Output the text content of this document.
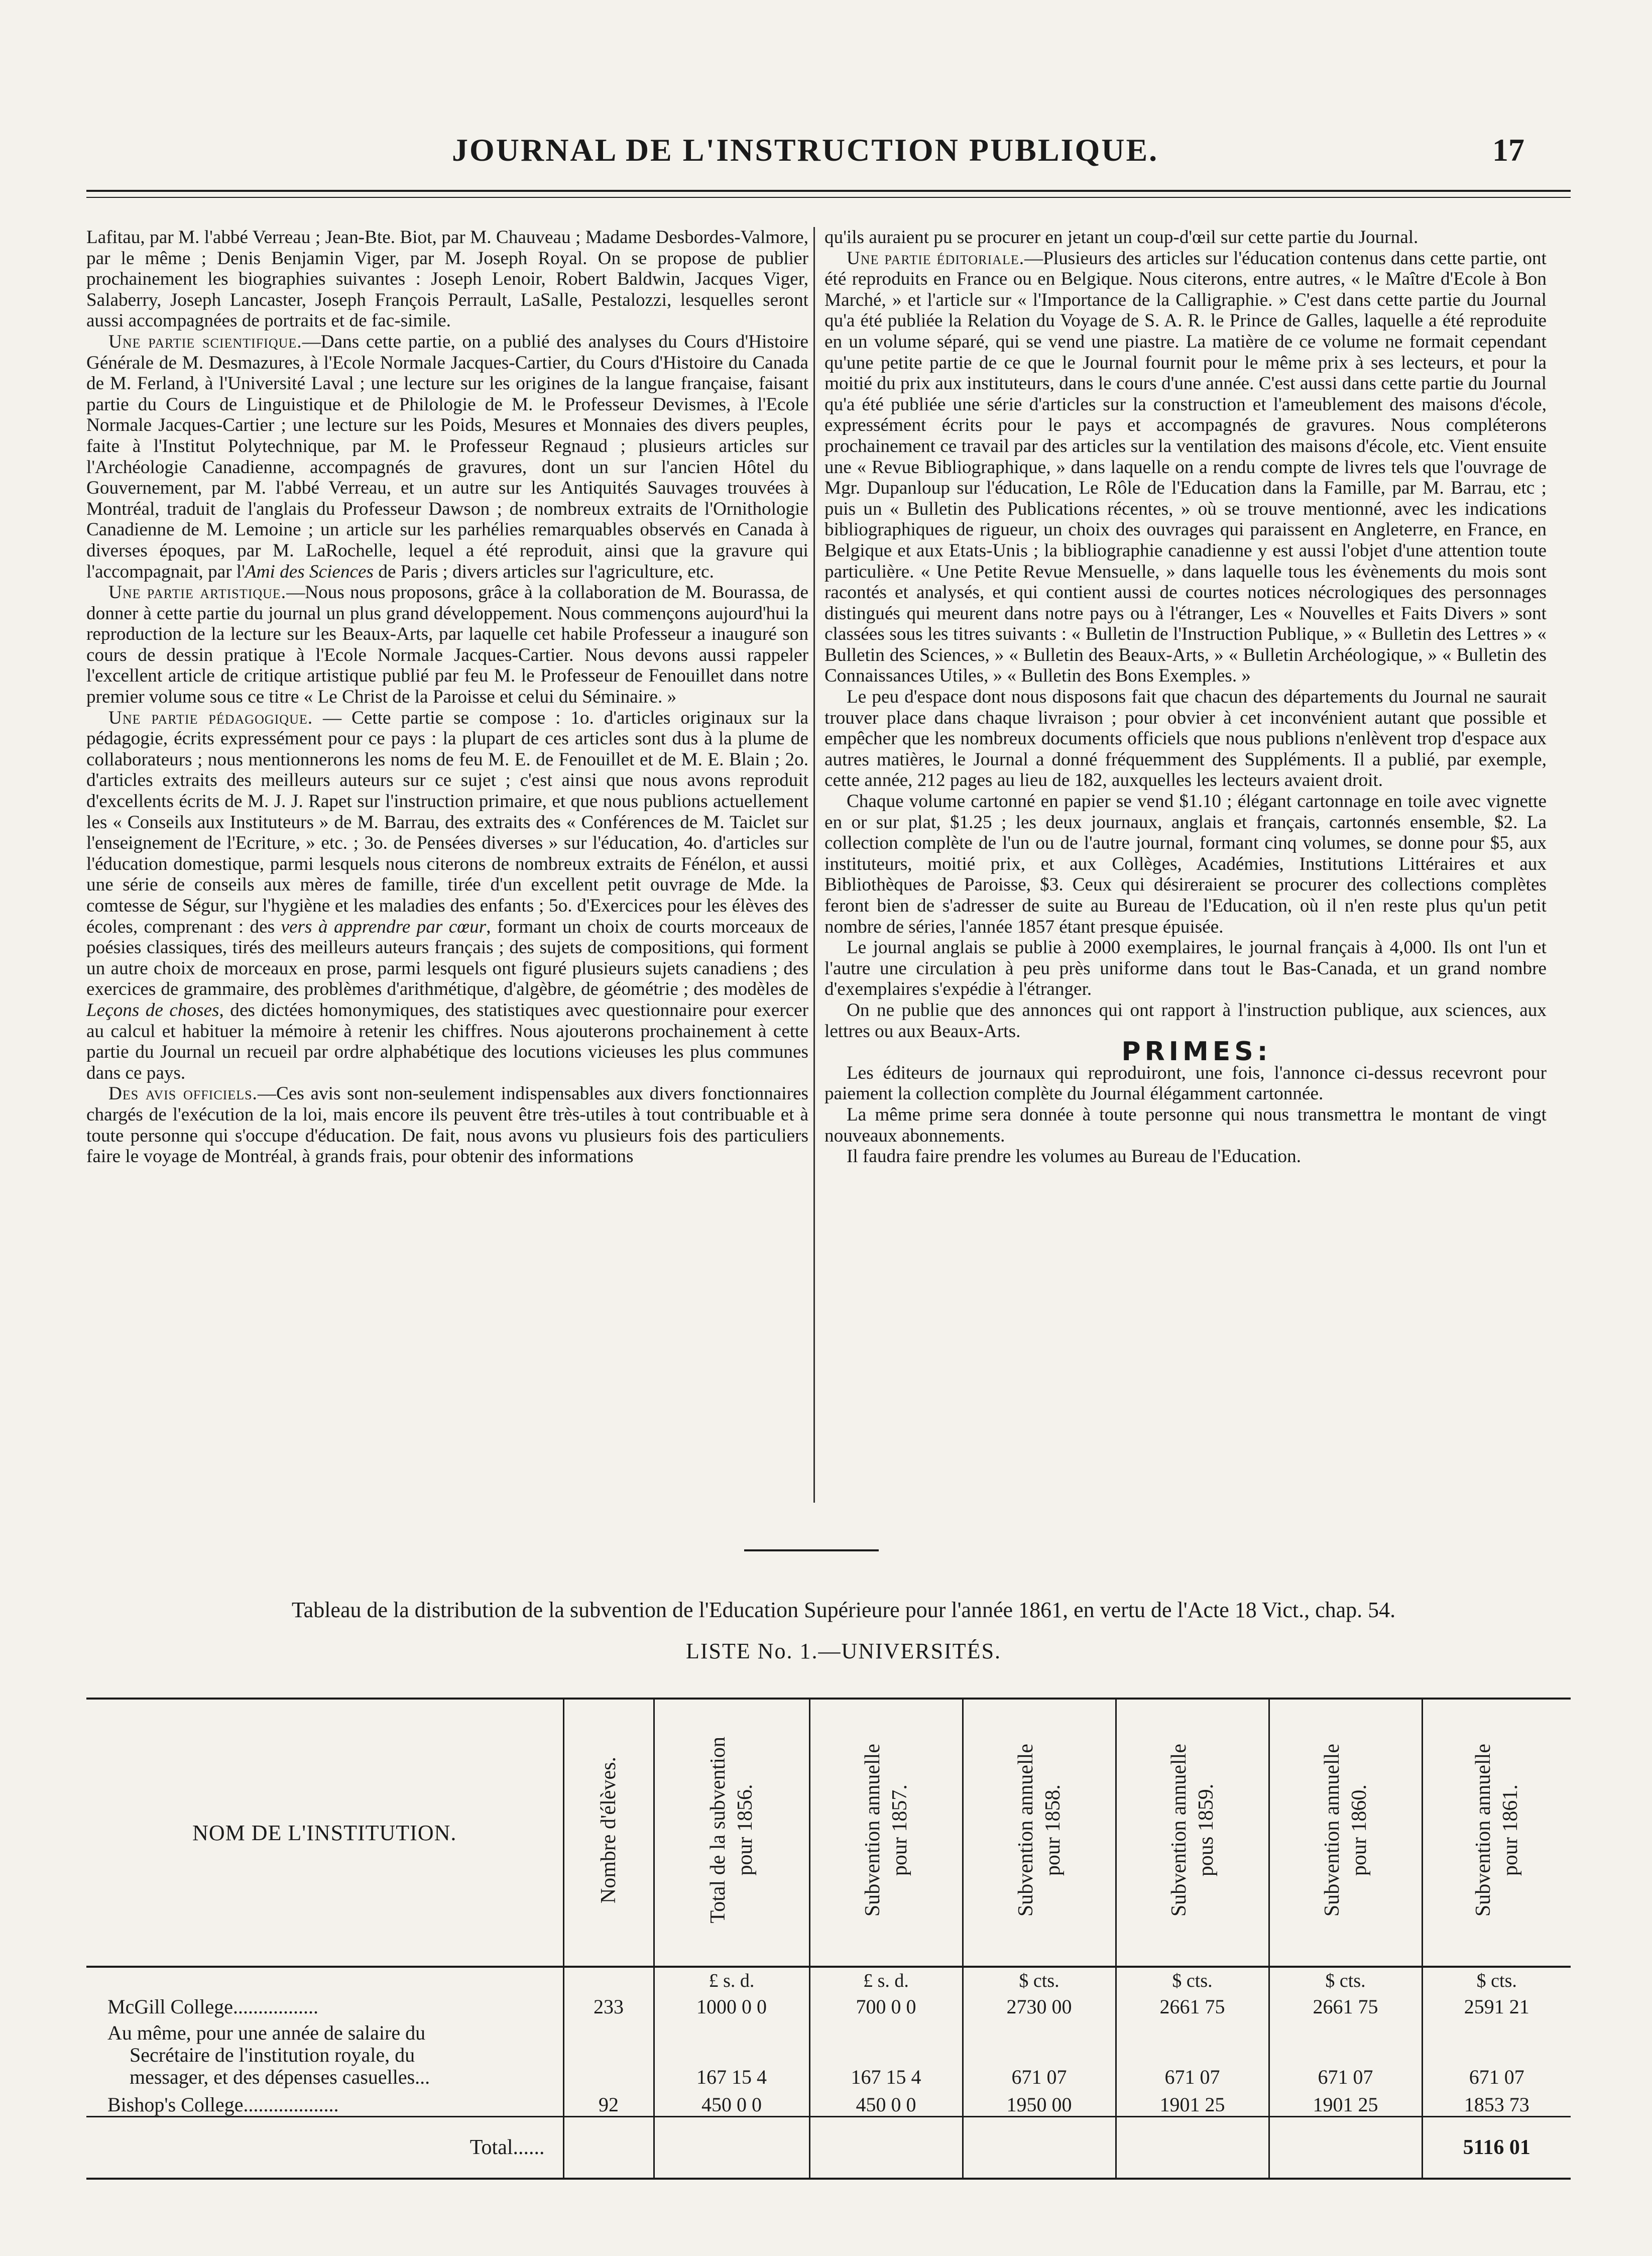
JOURNAL DE L'INSTRUCTION PUBLIQUE.	17

Lafitau, par M. l'abbé Verreau ; Jean-Bte. Biot, par M. Chauveau ; Madame Desbordes-Valmore, par le même ; Denis Benjamin Viger, par M. Joseph Royal. On se propose de publier prochainement les biographies suivantes : Joseph Lenoir, Robert Baldwin, Jacques Viger, Salaberry, Joseph Lancaster, Joseph François Perrault, LaSalle, Pestalozzi, lesquelles seront aussi accompagnées de portraits et de fac-simile.

Une partie scientifique.—Dans cette partie, on a publié des analyses du Cours d'Histoire Générale de M. Desmazures, à l'Ecole Normale Jacques-Cartier, du Cours d'Histoire du Canada de M. Ferland, à l'Université Laval ; une lecture sur les origines de la langue française, faisant partie du Cours de Linguistique et de Philologie de M. le Professeur Devismes, à l'Ecole Normale Jacques-Cartier ; une lecture sur les Poids, Mesures et Monnaies des divers peuples, faite à l'Institut Polytechnique, par M. le Professeur Regnaud ; plusieurs articles sur l'Archéologie Canadienne, accompagnés de gravures, dont un sur l'ancien Hôtel du Gouvernement, par M. l'abbé Verreau, et un autre sur les Antiquités Sauvages trouvées à Montréal, traduit de l'anglais du Professeur Dawson ; de nombreux extraits de l'Ornithologie Canadienne de M. Lemoine ; un article sur les parhélies remarquables observés en Canada à diverses époques, par M. LaRochelle, lequel a été reproduit, ainsi que la gravure qui l'accompagnait, par l'Ami des Sciences de Paris ; divers articles sur l'agriculture, etc.

Une partie artistique.—Nous nous proposons, grâce à la collaboration de M. Bourassa, de donner à cette partie du journal un plus grand développement. Nous commençons aujourd'hui la reproduction de la lecture sur les Beaux-Arts, par laquelle cet habile Professeur a inauguré son cours de dessin pratique à l'Ecole Normale Jacques-Cartier. Nous devons aussi rappeler l'excellent article de critique artistique publié par feu M. le Professeur de Fenouillet dans notre premier volume sous ce titre « Le Christ de la Paroisse et celui du Séminaire. »

Une partie pédagogique. — Cette partie se compose : 1o. d'articles originaux sur la pédagogie, écrits expressément pour ce pays : la plupart de ces articles sont dus à la plume de collaborateurs ; nous mentionnerons les noms de feu M. E. de Fenouillet et de M. E. Blain ; 2o. d'articles extraits des meilleurs auteurs sur ce sujet ; c'est ainsi que nous avons reproduit d'excellents écrits de M. J. J. Rapet sur l'instruction primaire, et que nous publions actuellement les « Conseils aux Instituteurs » de M. Barrau, des extraits des « Conférences de M. Taiclet sur l'enseignement de l'Ecriture, » etc. ; 3o. de Pensées diverses » sur l'éducation, 4o. d'articles sur l'éducation domestique, parmi lesquels nous citerons de nombreux extraits de Fénélon, et aussi une série de conseils aux mères de famille, tirée d'un excellent petit ouvrage de Mde. la comtesse de Ségur, sur l'hygiène et les maladies des enfants ; 5o. d'Exercices pour les élèves des écoles, comprenant : des vers à apprendre par cœur, formant un choix de courts morceaux de poésies classiques, tirés des meilleurs auteurs français ; des sujets de compositions, qui forment un autre choix de morceaux en prose, parmi lesquels ont figuré plusieurs sujets canadiens ; des exercices de grammaire, des problèmes d'arithmétique, d'algèbre, de géométrie ; des modèles de Leçons de choses, des dictées homonymiques, des statistiques avec questionnaire pour exercer au calcul et habituer la mémoire à retenir les chiffres. Nous ajouterons prochainement à cette partie du Journal un recueil par ordre alphabétique des locutions vicieuses les plus communes dans ce pays.

Des avis officiels.—Ces avis sont non-seulement indispensables aux divers fonctionnaires chargés de l'exécution de la loi, mais encore ils peuvent être très-utiles à tout contribuable et à toute personne qui s'occupe d'éducation. De fait, nous avons vu plusieurs fois des particuliers faire le voyage de Montréal, à grands frais, pour obtenir des informations

qu'ils auraient pu se procurer en jetant un coup-d'œil sur cette partie du Journal.

Une partie éditoriale.—Plusieurs des articles sur l'éducation contenus dans cette partie, ont été reproduits en France ou en Belgique. Nous citerons, entre autres, « le Maître d'Ecole à Bon Marché, » et l'article sur « l'Importance de la Calligraphie. » C'est dans cette partie du Journal qu'a été publiée la Relation du Voyage de S. A. R. le Prince de Galles, laquelle a été reproduite en un volume séparé, qui se vend une piastre. La matière de ce volume ne formait cependant qu'une petite partie de ce que le Journal fournit pour le même prix à ses lecteurs, et pour la moitié du prix aux instituteurs, dans le cours d'une année. C'est aussi dans cette partie du Journal qu'a été publiée une série d'articles sur la construction et l'ameublement des maisons d'école, expressément écrits pour le pays et accompagnés de gravures. Nous compléterons prochainement ce travail par des articles sur la ventilation des maisons d'école, etc. Vient ensuite une « Revue Bibliographique, » dans laquelle on a rendu compte de livres tels que l'ouvrage de Mgr. Dupanloup sur l'éducation, Le Rôle de l'Education dans la Famille, par M. Barrau, etc ; puis un « Bulletin des Publications récentes, » où se trouve mentionné, avec les indications bibliographiques de rigueur, un choix des ouvrages qui paraissent en Angleterre, en France, en Belgique et aux Etats-Unis ; la bibliographie canadienne y est aussi l'objet d'une attention toute particulière. « Une Petite Revue Mensuelle, » dans laquelle tous les évènements du mois sont racontés et analysés, et qui contient aussi de courtes notices nécrologiques des personnages distingués qui meurent dans notre pays ou à l'étranger, Les « Nouvelles et Faits Divers » sont classées sous les titres suivants : « Bulletin de l'Instruction Publique, » « Bulletin des Lettres » « Bulletin des Sciences, » « Bulletin des Beaux-Arts, » « Bulletin Archéologique, » « Bulletin des Connaissances Utiles, » « Bulletin des Bons Exemples. »

Le peu d'espace dont nous disposons fait que chacun des départements du Journal ne saurait trouver place dans chaque livraison ; pour obvier à cet inconvénient autant que possible et empêcher que les nombreux documents officiels que nous publions n'enlèvent trop d'espace aux autres matières, le Journal a donné fréquemment des Suppléments. Il a publié, par exemple, cette année, 212 pages au lieu de 182, auxquelles les lecteurs avaient droit.

Chaque volume cartonné en papier se vend $1.10 ; élégant cartonnage en toile avec vignette en or sur plat, $1.25 ; les deux journaux, anglais et français, cartonnés ensemble, $2. La collection complète de l'un ou de l'autre journal, formant cinq volumes, se donne pour $5, aux instituteurs, moitié prix, et aux Collèges, Académies, Institutions Littéraires et aux Bibliothèques de Paroisse, $3. Ceux qui désireraient se procurer des collections complètes feront bien de s'adresser de suite au Bureau de l'Education, où il n'en reste plus qu'un petit nombre de séries, l'année 1857 étant presque épuisée.

Le journal anglais se publie à 2000 exemplaires, le journal français à 4,000. Ils ont l'un et l'autre une circulation à peu près uniforme dans tout le Bas-Canada, et un grand nombre d'exemplaires s'expédie à l'étranger.

On ne publie que des annonces qui ont rapport à l'instruction publique, aux sciences, aux lettres ou aux Beaux-Arts.

PRIMES:

Les éditeurs de journaux qui reproduiront, une fois, l'annonce ci-dessus recevront pour paiement la collection complète du Journal élégamment cartonnée.

La même prime sera donnée à toute personne qui nous transmettra le montant de vingt nouveaux abonnements.

Il faudra faire prendre les volumes au Bureau de l'Education.

Tableau de la distribution de la subvention de l'Education Supérieure pour l'année 1861, en vertu de l'Acte 18 Vict., chap. 54.
LISTE No. 1.—UNIVERSITÉS.
NOM DE L'INSTITUTION.	Nombre d'élèves.	Total de la subvention pour 1856.	Subvention annuelle pour 1857.	Subvention annuelle pour 1858.	Subvention annuelle pous 1859.	Subvention annuelle pour 1860.	Subvention annuelle pour 1861.
		£ s. d.	£ s. d.	$ cts.	$ cts.	$ cts.	$ cts.
McGill College.................	233	1000 0 0	700 0 0	2730 00	2661 75	2661 75	2591 21
Au même, pour une année de salaire du
Secrétaire de l'institution royale, du
messager, et des dépenses casuelles...		167 15 4	167 15 4	671 07	671 07	671 07	671 07
Bishop's College...................	92	450 0 0	450 0 0	1950 00	1901 25	1901 25	1853 73
Total......							5116 01
